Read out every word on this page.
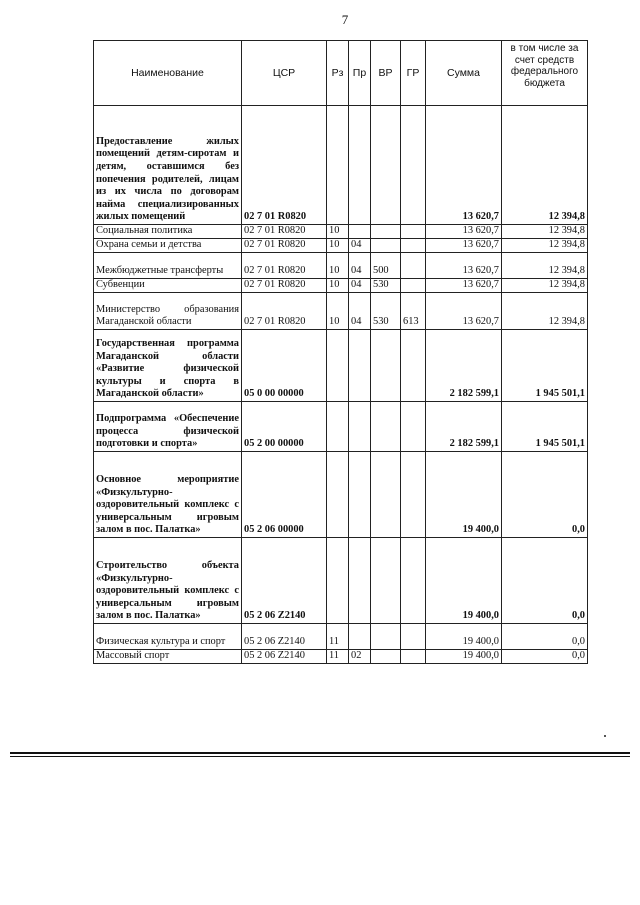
7
Наименование	ЦСР	Рз	Пр	ВР	ГР	Сумма	в том числе за счет средств федерального бюджета
Предоставление жилых помещений детям-сиротам и детям, оставшимся без попечения родителей, лицам из их числа по договорам найма специализированных жилых помещений	02 7 01 R0820					13 620,7	12 394,8
Социальная политика	02 7 01 R0820	10				13 620,7	12 394,8
Охрана семьи и детства	02 7 01 R0820	10	04			13 620,7	12 394,8
Межбюджетные трансферты	02 7 01 R0820	10	04	500		13 620,7	12 394,8
Субвенции	02 7 01 R0820	10	04	530		13 620,7	12 394,8
Министерство образования Магаданской области	02 7 01 R0820	10	04	530	613	13 620,7	12 394,8
Государственная программа Магаданской области «Развитие физической культуры и спорта в Магаданской области»	05 0 00 00000					2 182 599,1	1 945 501,1
Подпрограмма «Обеспечение процесса физической подготовки и спорта»	05 2 00 00000					2 182 599,1	1 945 501,1
Основное мероприятие «Физкультурно-оздоровительный комплекс с универсальным игровым залом в пос. Палатка»	05 2 06 00000					19 400,0	0,0
Строительство объекта «Физкультурно-оздоровительный комплекс с универсальным игровым залом в пос. Палатка»	05 2 06 Z2140					19 400,0	0,0
Физическая культура и спорт	05 2 06 Z2140	11				19 400,0	0,0
Массовый спорт	05 2 06 Z2140	11	02			19 400,0	0,0
